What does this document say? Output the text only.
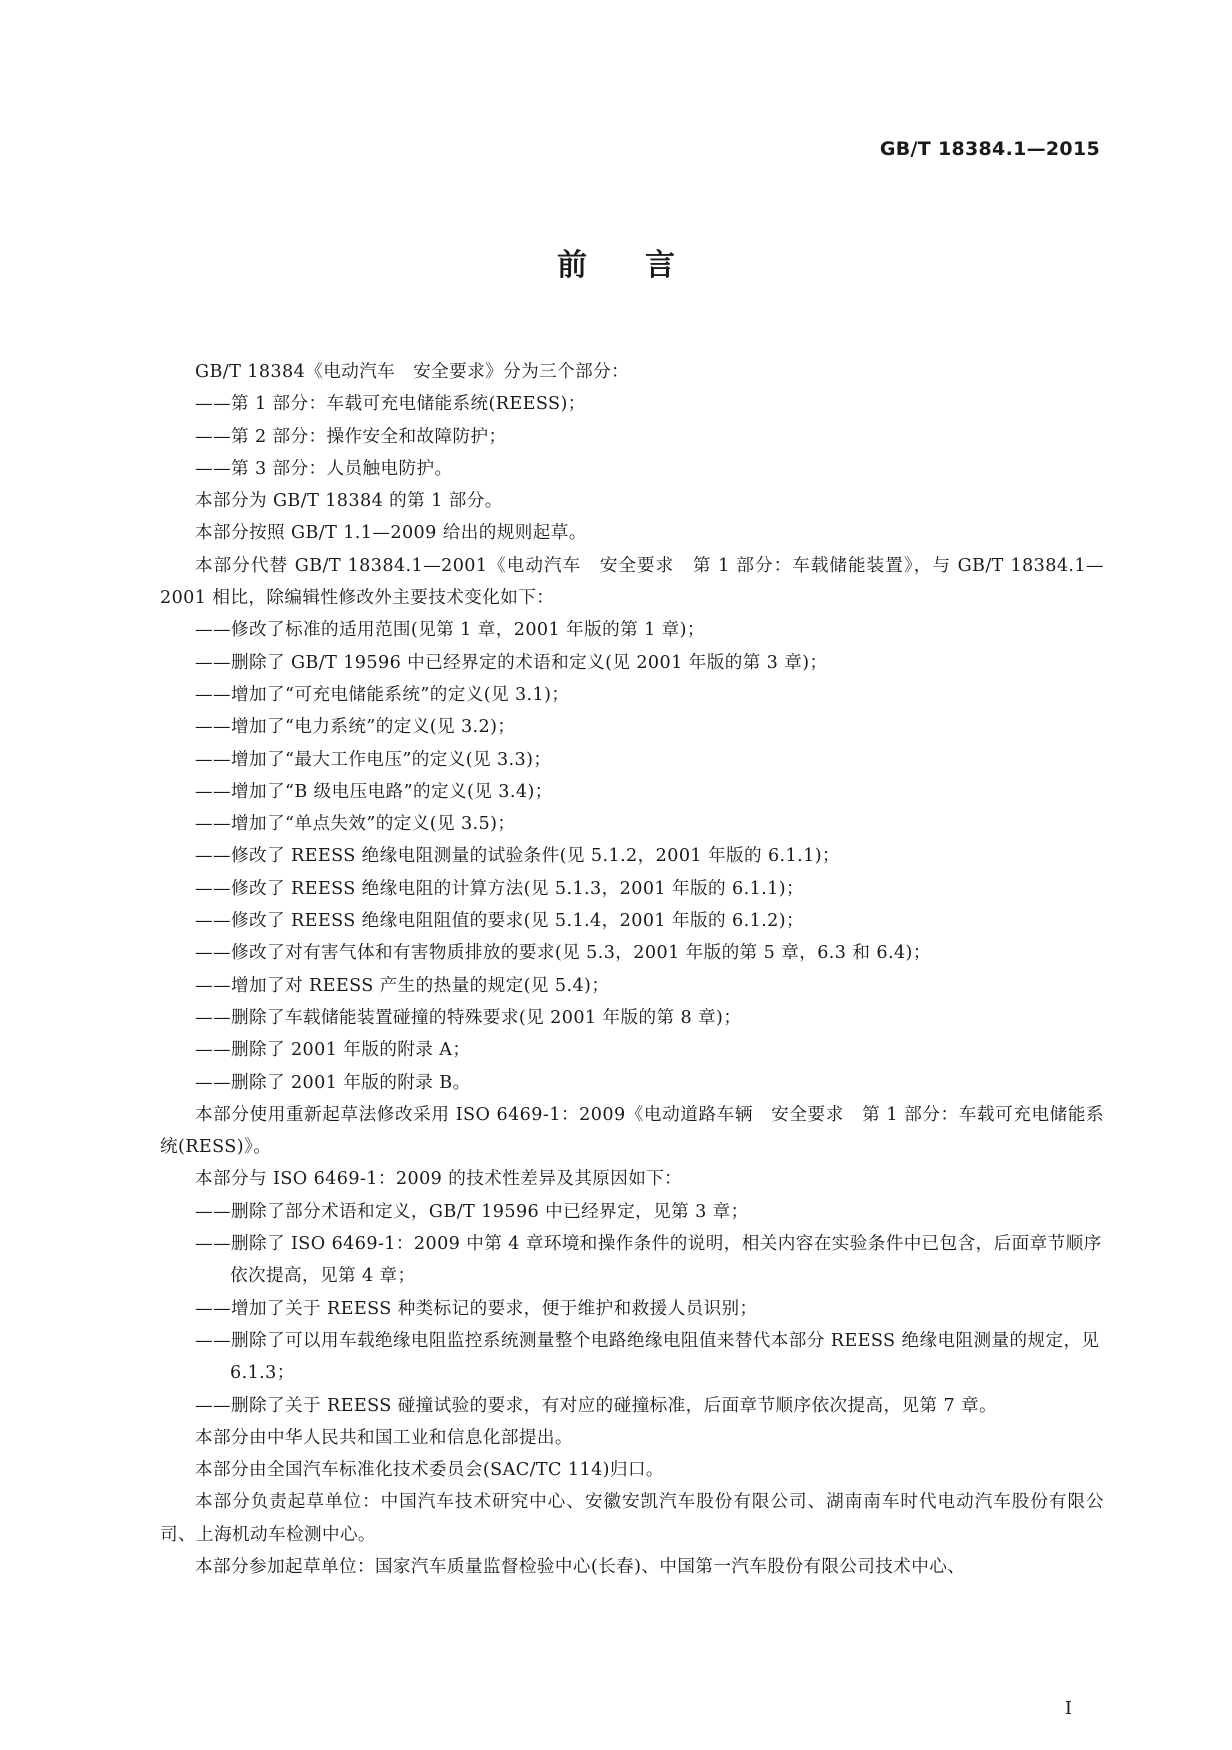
GB/T 18384.1—2015
前 言

GB/T 18384《电动汽车　安全要求》分为三个部分：

——第 1 部分：车载可充电储能系统(REESS)；

——第 2 部分：操作安全和故障防护；

——第 3 部分：人员触电防护。

本部分为 GB/T 18384 的第 1 部分。

本部分按照 GB/T 1.1—2009 给出的规则起草。

本部分代替 GB/T 18384.1—2001《电动汽车　安全要求　第 1 部分：车载储能装置》，与 GB/T 18384.1—2001 相比，除编辑性修改外主要技术变化如下：

——修改了标准的适用范围(见第 1 章，2001 年版的第 1 章)；

——删除了 GB/T 19596 中已经界定的术语和定义(见 2001 年版的第 3 章)；

——增加了“可充电储能系统”的定义(见 3.1)；

——增加了“电力系统”的定义(见 3.2)；

——增加了“最大工作电压”的定义(见 3.3)；

——增加了“B 级电压电路”的定义(见 3.4)；

——增加了“单点失效”的定义(见 3.5)；

——修改了 REESS 绝缘电阻测量的试验条件(见 5.1.2，2001 年版的 6.1.1)；

——修改了 REESS 绝缘电阻的计算方法(见 5.1.3，2001 年版的 6.1.1)；

——修改了 REESS 绝缘电阻阻值的要求(见 5.1.4，2001 年版的 6.1.2)；

——修改了对有害气体和有害物质排放的要求(见 5.3，2001 年版的第 5 章，6.3 和 6.4)；

——增加了对 REESS 产生的热量的规定(见 5.4)；

——删除了车载储能装置碰撞的特殊要求(见 2001 年版的第 8 章)；

——删除了 2001 年版的附录 A；

——删除了 2001 年版的附录 B。

本部分使用重新起草法修改采用 ISO 6469-1：2009《电动道路车辆　安全要求　第 1 部分：车载可充电储能系统(RESS)》。

本部分与 ISO 6469-1：2009 的技术性差异及其原因如下：

——删除了部分术语和定义，GB/T 19596 中已经界定，见第 3 章；

——删除了 ISO 6469-1：2009 中第 4 章环境和操作条件的说明，相关内容在实验条件中已包含，后面章节顺序依次提高，见第 4 章；

——增加了关于 REESS 种类标记的要求，便于维护和救援人员识别；

——删除了可以用车载绝缘电阻监控系统测量整个电路绝缘电阻值来替代本部分 REESS 绝缘电阻测量的规定，见 6.1.3；

——删除了关于 REESS 碰撞试验的要求，有对应的碰撞标准，后面章节顺序依次提高，见第 7 章。

本部分由中华人民共和国工业和信息化部提出。

本部分由全国汽车标准化技术委员会(SAC/TC 114)归口。

本部分负责起草单位：中国汽车技术研究中心、安徽安凯汽车股份有限公司、湖南南车时代电动汽车股份有限公司、上海机动车检测中心。

本部分参加起草单位：国家汽车质量监督检验中心(长春)、中国第一汽车股份有限公司技术中心、

I
